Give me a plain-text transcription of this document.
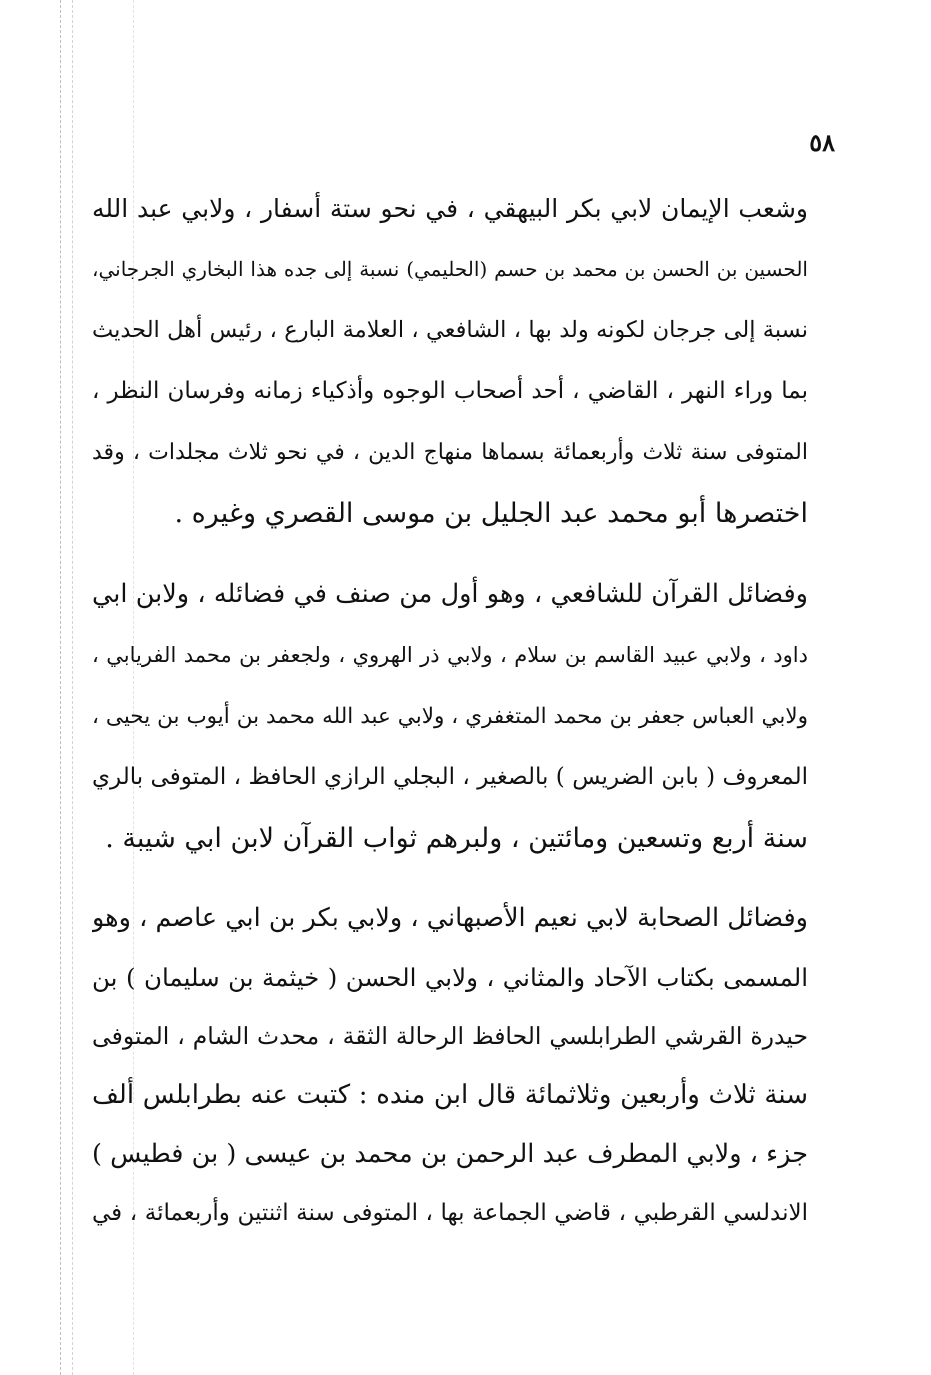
٥٨
وشعب الإيمان لابي بكر البيهقي ، في نحو ستة أسفار ، ولابي عبد الله
الحسين بن الحسن بن محمد بن حسم (الحليمي) نسبة إلى جده هذا البخاري الجرجاني،
نسبة إلى جرجان لكونه ولد بها ، الشافعي ، العلامة البارع ، رئيس أهل الحديث
بما وراء النهر ، القاضي ، أحد أصحاب الوجوه وأذكياء زمانه وفرسان النظر ،
المتوفى سنة ثلاث وأربعمائة بسماها منهاج الدين ، في نحو ثلاث مجلدات ، وقد
اختصرها أبو محمد عبد الجليل بن موسى القصري وغيره .
وفضائل القرآن للشافعي ، وهو أول من صنف في فضائله ، ولابن ابي
داود ، ولابي عبيد القاسم بن سلام ، ولابي ذر الهروي ، ولجعفر بن محمد الفريابي ،
ولابي العباس جعفر بن محمد المتغفري ، ولابي عبد الله محمد بن أيوب بن يحيى ،
المعروف ( بابن الضريس ) بالصغير ، البجلي الرازي الحافظ ، المتوفى بالري
سنة أربع وتسعين ومائتين ، ولبرهم ثواب القرآن لابن ابي شيبة .
وفضائل الصحابة لابي نعيم الأصبهاني ، ولابي بكر بن ابي عاصم ، وهو
المسمى بكتاب الآحاد والمثاني ، ولابي الحسن ( خيثمة بن سليمان ) بن
حيدرة القرشي الطرابلسي الحافظ الرحالة الثقة ، محدث الشام ، المتوفى
سنة ثلاث وأربعين وثلاثمائة قال ابن منده : كتبت عنه بطرابلس ألف
جزء ، ولابي المطرف عبد الرحمن بن محمد بن عيسى ( بن فطيس )
الاندلسي القرطبي ، قاضي الجماعة بها ، المتوفى سنة اثنتين وأربعمائة ، في
